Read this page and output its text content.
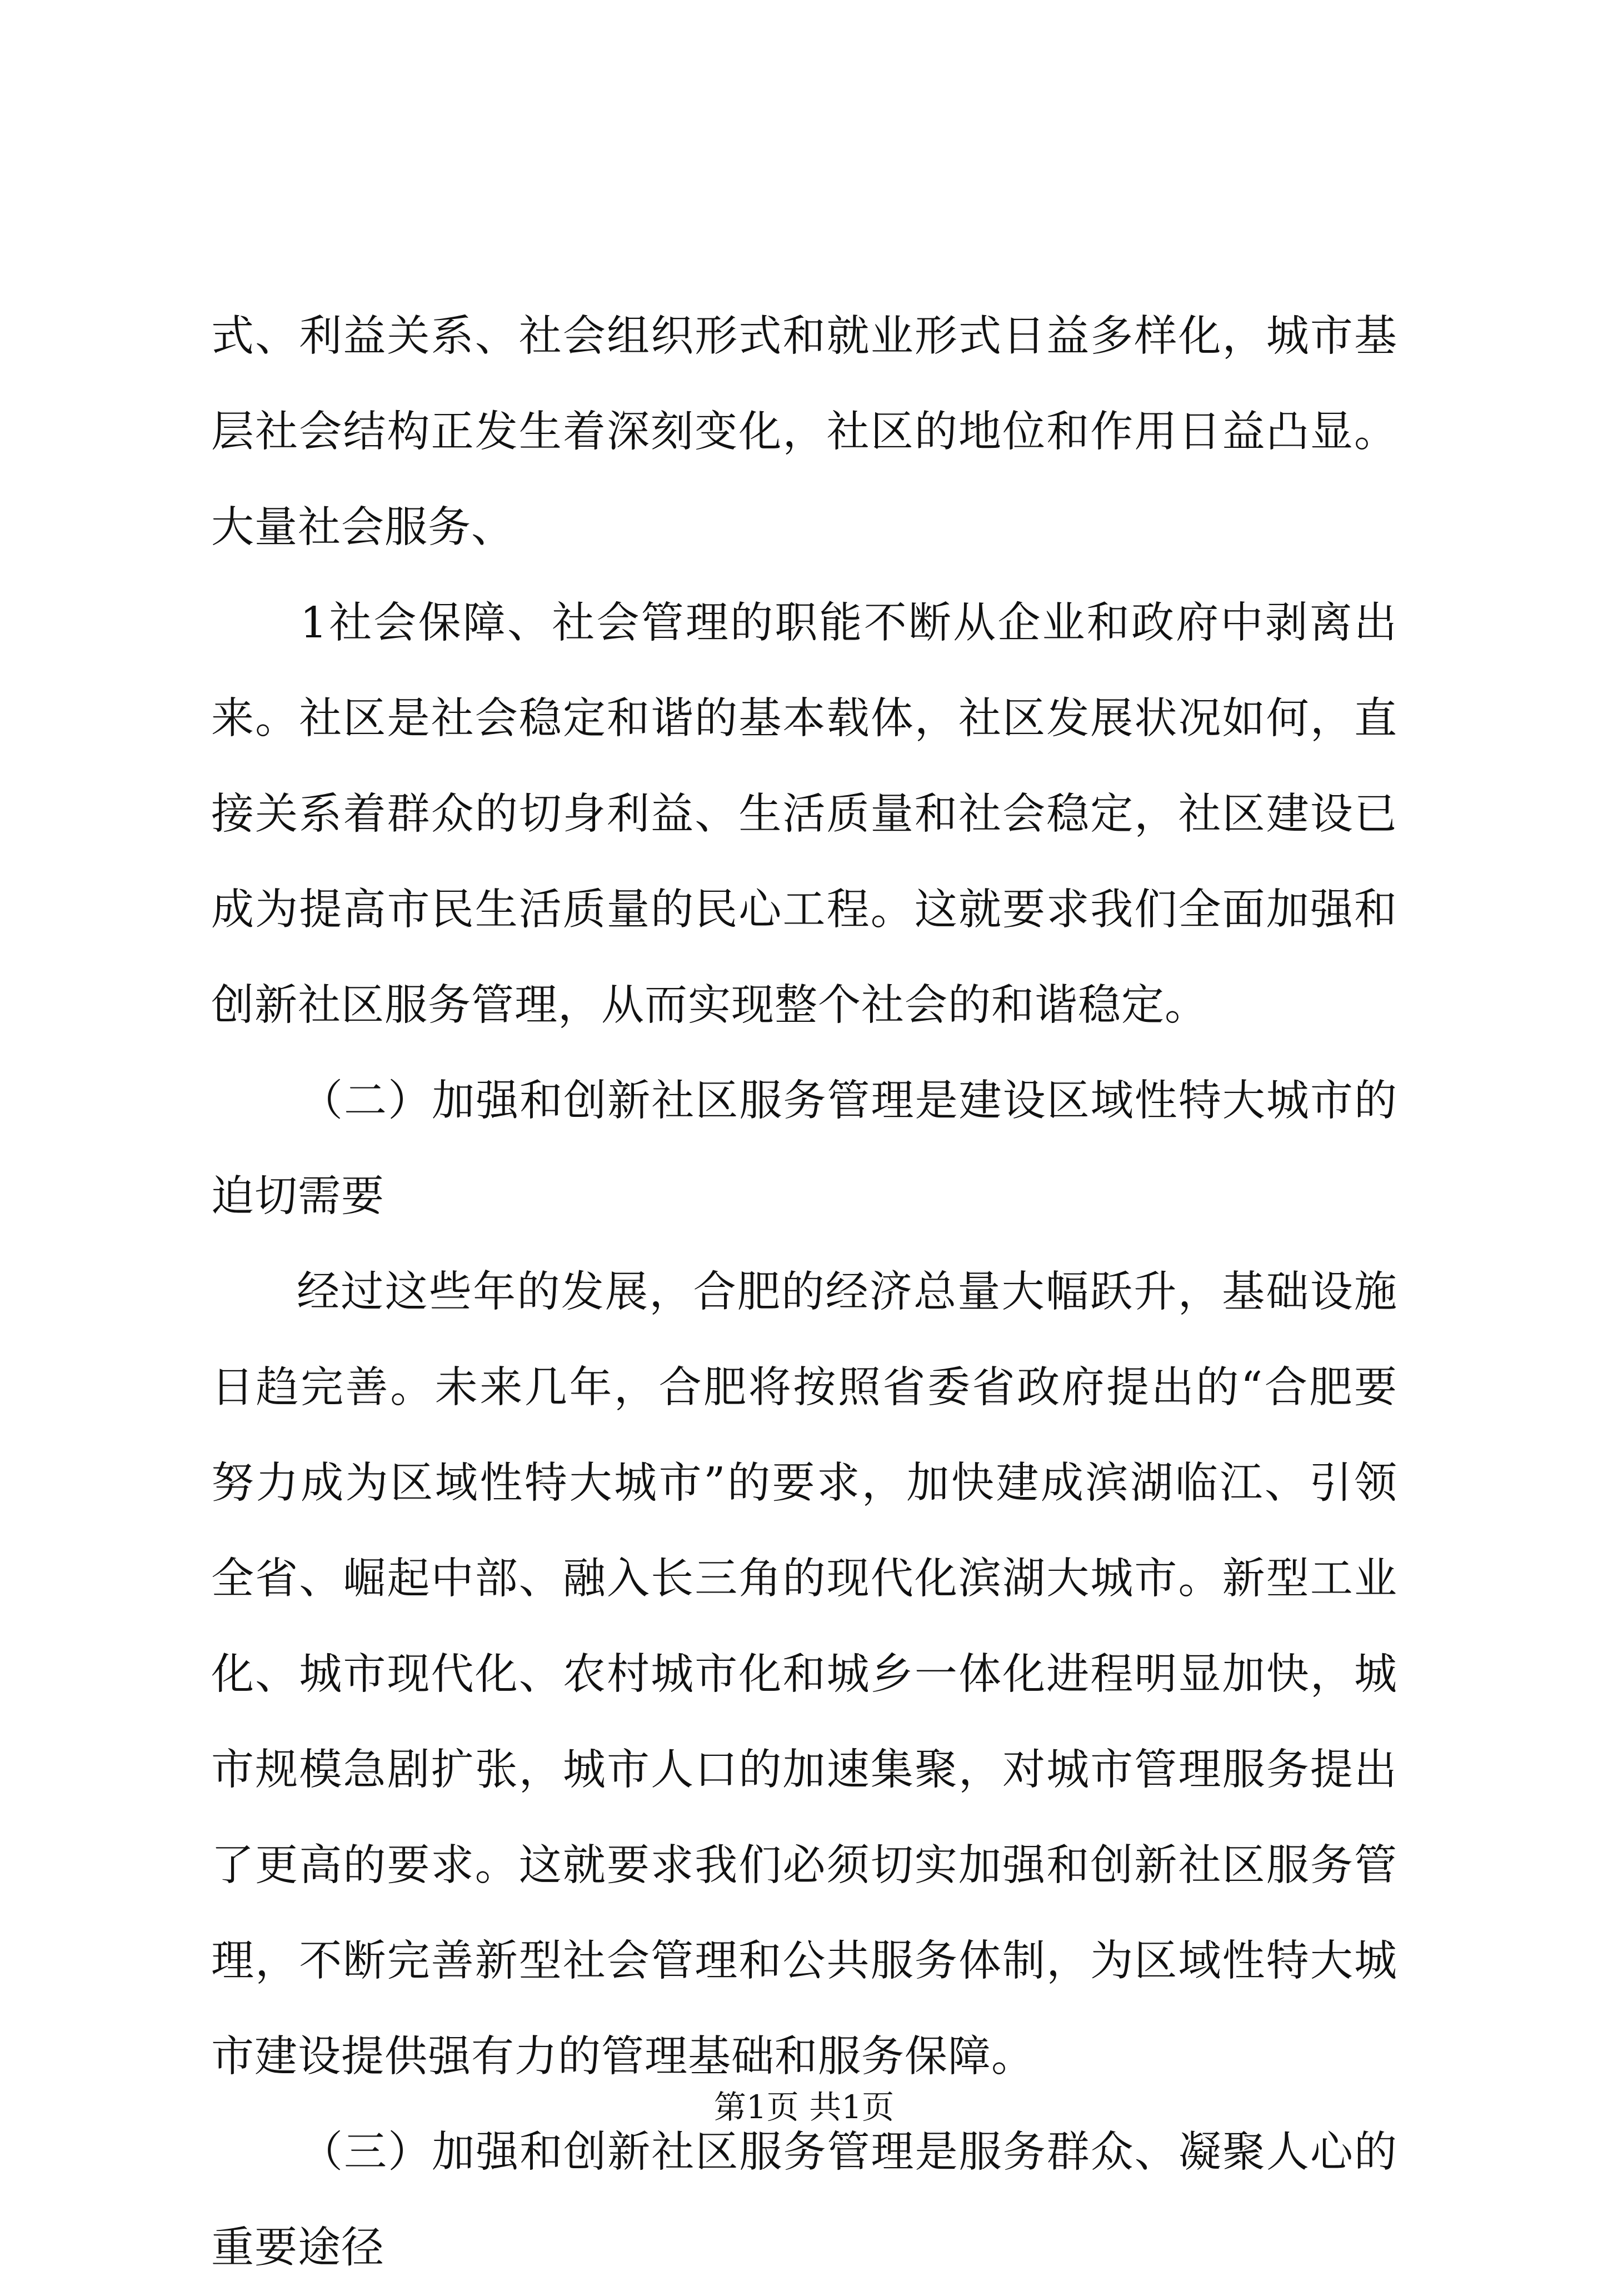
式、利益关系、社会组织形式和就业形式日益多样化，城市基层社会结构正发生着深刻变化，社区的地位和作用日益凸显。大量社会服务、

1社会保障、社会管理的职能不断从企业和政府中剥离出来。社区是社会稳定和谐的基本载体，社区发展状况如何，直接关系着群众的切身利益、生活质量和社会稳定，社区建设已成为提高市民生活质量的民心工程。这就要求我们全面加强和创新社区服务管理，从而实现整个社会的和谐稳定。

（二）加强和创新社区服务管理是建设区域性特大城市的迫切需要

经过这些年的发展，合肥的经济总量大幅跃升，基础设施日趋完善。未来几年，合肥将按照省委省政府提出的“合肥要努力成为区域性特大城市”的要求，加快建成滨湖临江、引领全省、崛起中部、融入长三角的现代化滨湖大城市。新型工业化、城市现代化、农村城市化和城乡一体化进程明显加快，城市规模急剧扩张，城市人口的加速集聚，对城市管理服务提出了更高的要求。这就要求我们必须切实加强和创新社区服务管理，不断完善新型社会管理和公共服务体制，为区域性特大城市建设提供强有力的管理基础和服务保障。

（三）加强和创新社区服务管理是服务群众、凝聚人心的重要途径

第1页 共1页
